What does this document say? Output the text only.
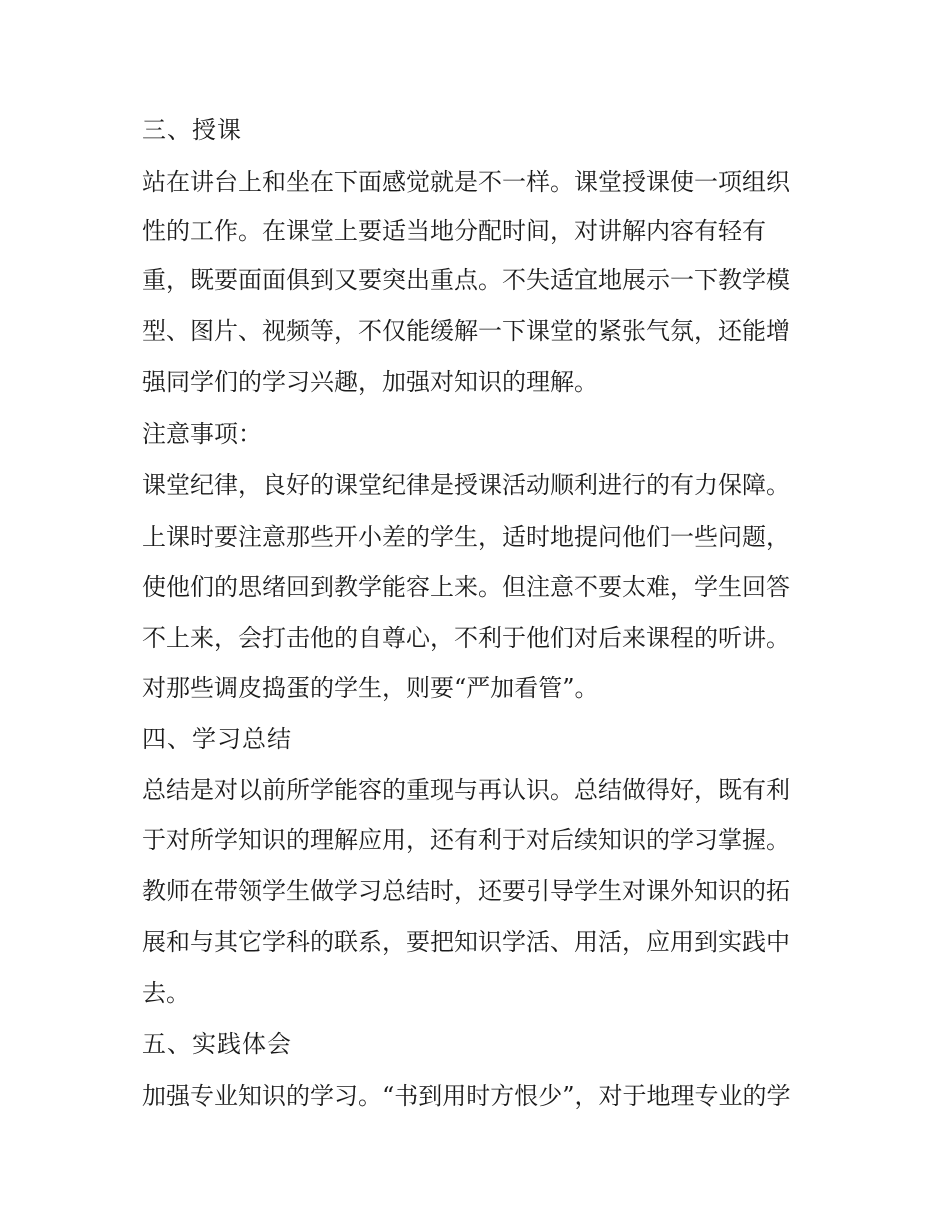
三、授课
站在讲台上和坐在下面感觉就是不一样。课堂授课使一项组织
性的工作。在课堂上要适当地分配时间，对讲解内容有轻有
重，既要面面俱到又要突出重点。不失适宜地展示一下教学模
型、图片、视频等，不仅能缓解一下课堂的紧张气氛，还能增
强同学们的学习兴趣，加强对知识的理解。
注意事项：
课堂纪律，良好的课堂纪律是授课活动顺利进行的有力保障。
上课时要注意那些开小差的学生，适时地提问他们一些问题，
使他们的思绪回到教学能容上来。但注意不要太难，学生回答
不上来，会打击他的自尊心，不利于他们对后来课程的听讲。
对那些调皮捣蛋的学生，则要“严加看管”。
四、学习总结
总结是对以前所学能容的重现与再认识。总结做得好，既有利
于对所学知识的理解应用，还有利于对后续知识的学习掌握。
教师在带领学生做学习总结时，还要引导学生对课外知识的拓
展和与其它学科的联系，要把知识学活、用活，应用到实践中
去。
五、实践体会
加强专业知识的学习。“书到用时方恨少”，对于地理专业的学
